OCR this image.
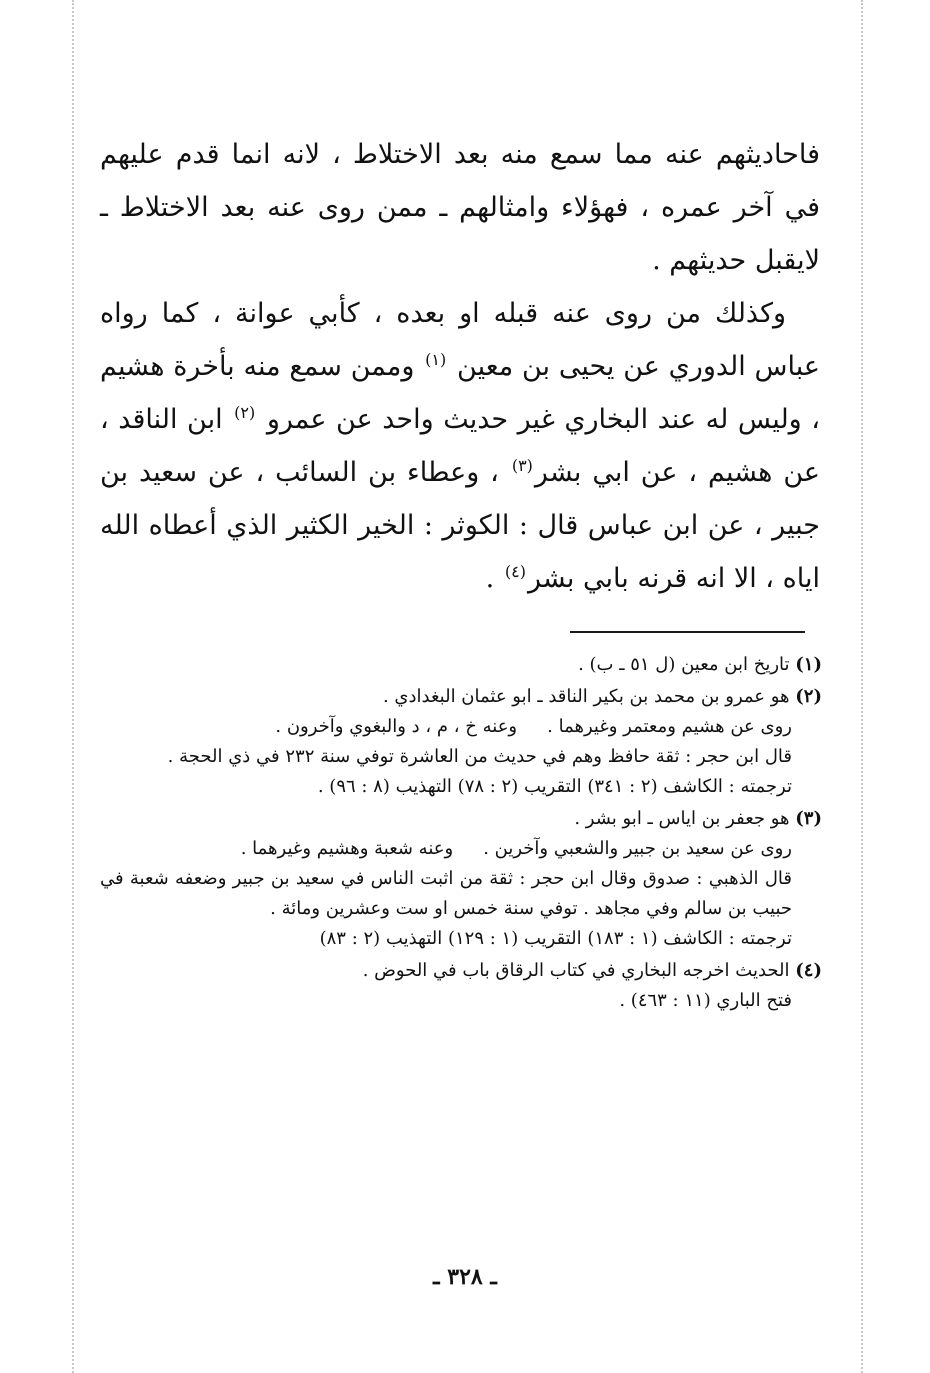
فاحاديثهم عنه مما سمع منه بعد الاختلاط ، لانه انما قدم عليهم في آخر عمره ، فهؤلاء وامثالهم ـ ممن روى عنه بعد الاختلاط ـ لايقبل حديثهم .

وكذلك من روى عنه قبله او بعده ، كأبي عوانة ، كما رواه عباس الدوري عن يحيى بن معين $^{(١)}$ وممن سمع منه بأخرة هشيم ، وليس له عند البخاري غير حديث واحد عن عمرو $^{(٢)}$ ابن الناقد ، عن هشيم ، عن ابي بشر$^{(٣)}$ ، وعطاء بن السائب ، عن سعيد بن جبير ، عن ابن عباس قال : الكوثر : الخير الكثير الذي أعطاه الله اياه ، الا انه قرنه بابي بشر$^{(٤)}$ .

(١) تاريخ ابن معين (ل ٥١ ـ ب) .
(٢) هو عمرو بن محمد بن بكير الناقد ـ ابو عثمان البغدادي .

روى عن هشيم ومعتمر وغيرهما .وعنه خ ، م ، د والبغوي وآخرون .

قال ابن حجر : ثقة حافظ وهم في حديث من العاشرة توفي سنة ٢٣٢ في ذي الحجة .

ترجمته : الكاشف (٢ : ٣٤١) التقريب (٢ : ٧٨) التهذيب (٨ : ٩٦) .

(٣) هو جعفر بن اياس ـ ابو بشر .

روى عن سعيد بن جبير والشعبي وآخرين .وعنه شعبة وهشيم وغيرهما .

قال الذهبي : صدوق وقال ابن حجر : ثقة من اثبت الناس في سعيد بن جبير وضعفه شعبة في حبيب بن سالم وفي مجاهد . توفي سنة خمس او ست وعشرين ومائة .

ترجمته : الكاشف (١ : ١٨٣) التقريب (١ : ١٢٩) التهذيب (٢ : ٨٣)

(٤) الحديث اخرجه البخاري في كتاب الرقاق باب في الحوض .

فتح الباري (١١ : ٤٦٣) .

ـ ٣٢٨ ـ
